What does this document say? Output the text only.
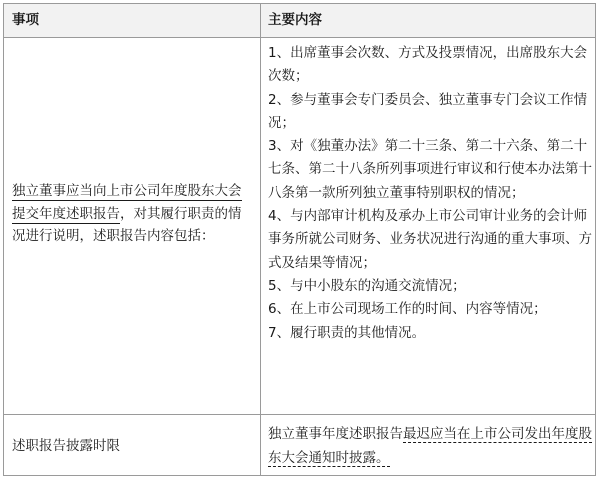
事项	主要内容
独立董事应当向上市公司年度股东大会提交年度述职报告，对其履行职责的情况进行说明，述职报告内容包括：

1、出席董事会次数、方式及投票情况，出席股东大会次数；

2、参与董事会专门委员会、独立董事专门会议工作情况；

3、对《独董办法》第二十三条、第二十六条、第二十七条、第二十八条所列事项进行审议和行使本办法第十八条第一款所列独立董事特别职权的情况；

4、与内部审计机构及承办上市公司审计业务的会计师事务所就公司财务、业务状况进行沟通的重大事项、方式及结果等情况；

5、与中小股东的沟通交流情况；

6、在上市公司现场工作的时间、内容等情况；

7、履行职责的其他情况。

述职报告披露时限
独立董事年度述职报告最迟应当在上市公司发出年度股东大会通知时披露。
